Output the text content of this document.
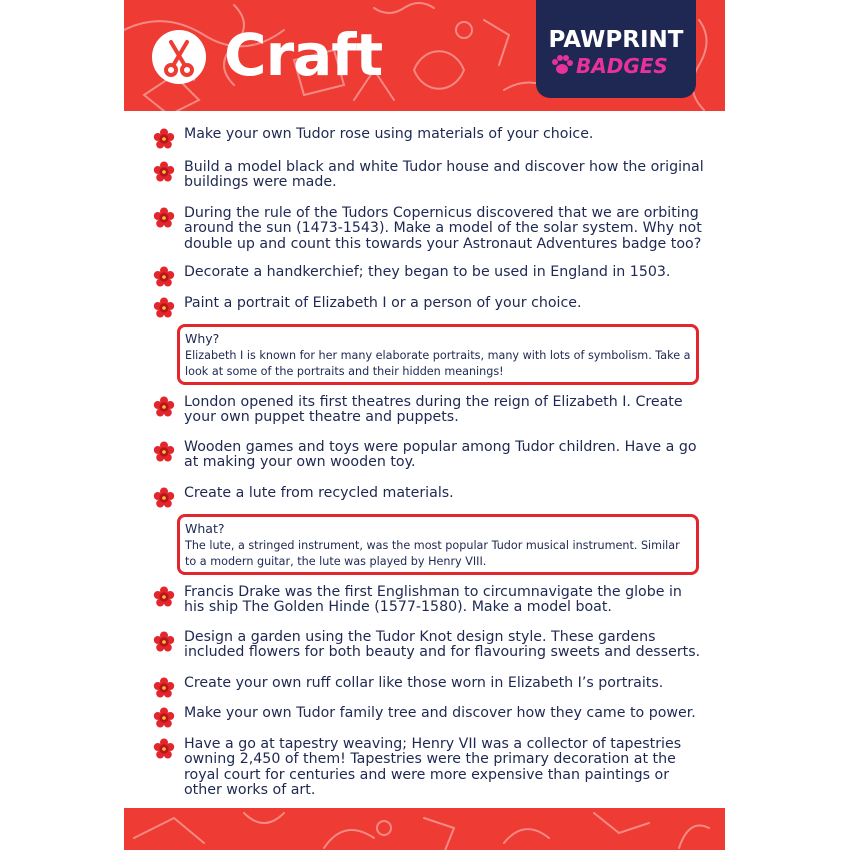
Craft	PAWPRINT
BADGES
Make your own Tudor rose using materials of your choice.
Build a model black and white Tudor house and discover how the original buildings were made.
During the rule of the Tudors Copernicus discovered that we are orbiting around the sun (1473-1543). Make a model of the solar system. Why not double up and count this towards your Astronaut Adventures badge too?
Decorate a handkerchief; they began to be used in England in 1503.
Paint a portrait of Elizabeth I or a person of your choice.
Why?
Elizabeth I is known for her many elaborate portraits, many with lots of symbolism. Take a look at some of the portraits and their hidden meanings!
London opened its first theatres during the reign of Elizabeth I. Create your own puppet theatre and puppets.
Wooden games and toys were popular among Tudor children. Have a go at making your own wooden toy.
Create a lute from recycled materials.
What?
The lute, a stringed instrument, was the most popular Tudor musical instrument. Similar to a modern guitar, the lute was played by Henry VIII.
Francis Drake was the first Englishman to circumnavigate the globe in his ship The Golden Hinde (1577-1580). Make a model boat.
Design a garden using the Tudor Knot design style. These gardens included flowers for both beauty and for flavouring sweets and desserts.
Create your own ruff collar like those worn in Elizabeth I’s portraits.
Make your own Tudor family tree and discover how they came to power.
Have a go at tapestry weaving; Henry VII was a collector of tapestries owning 2,450 of them! Tapestries were the primary decoration at the royal court for centuries and were more expensive than paintings or other works of art.
